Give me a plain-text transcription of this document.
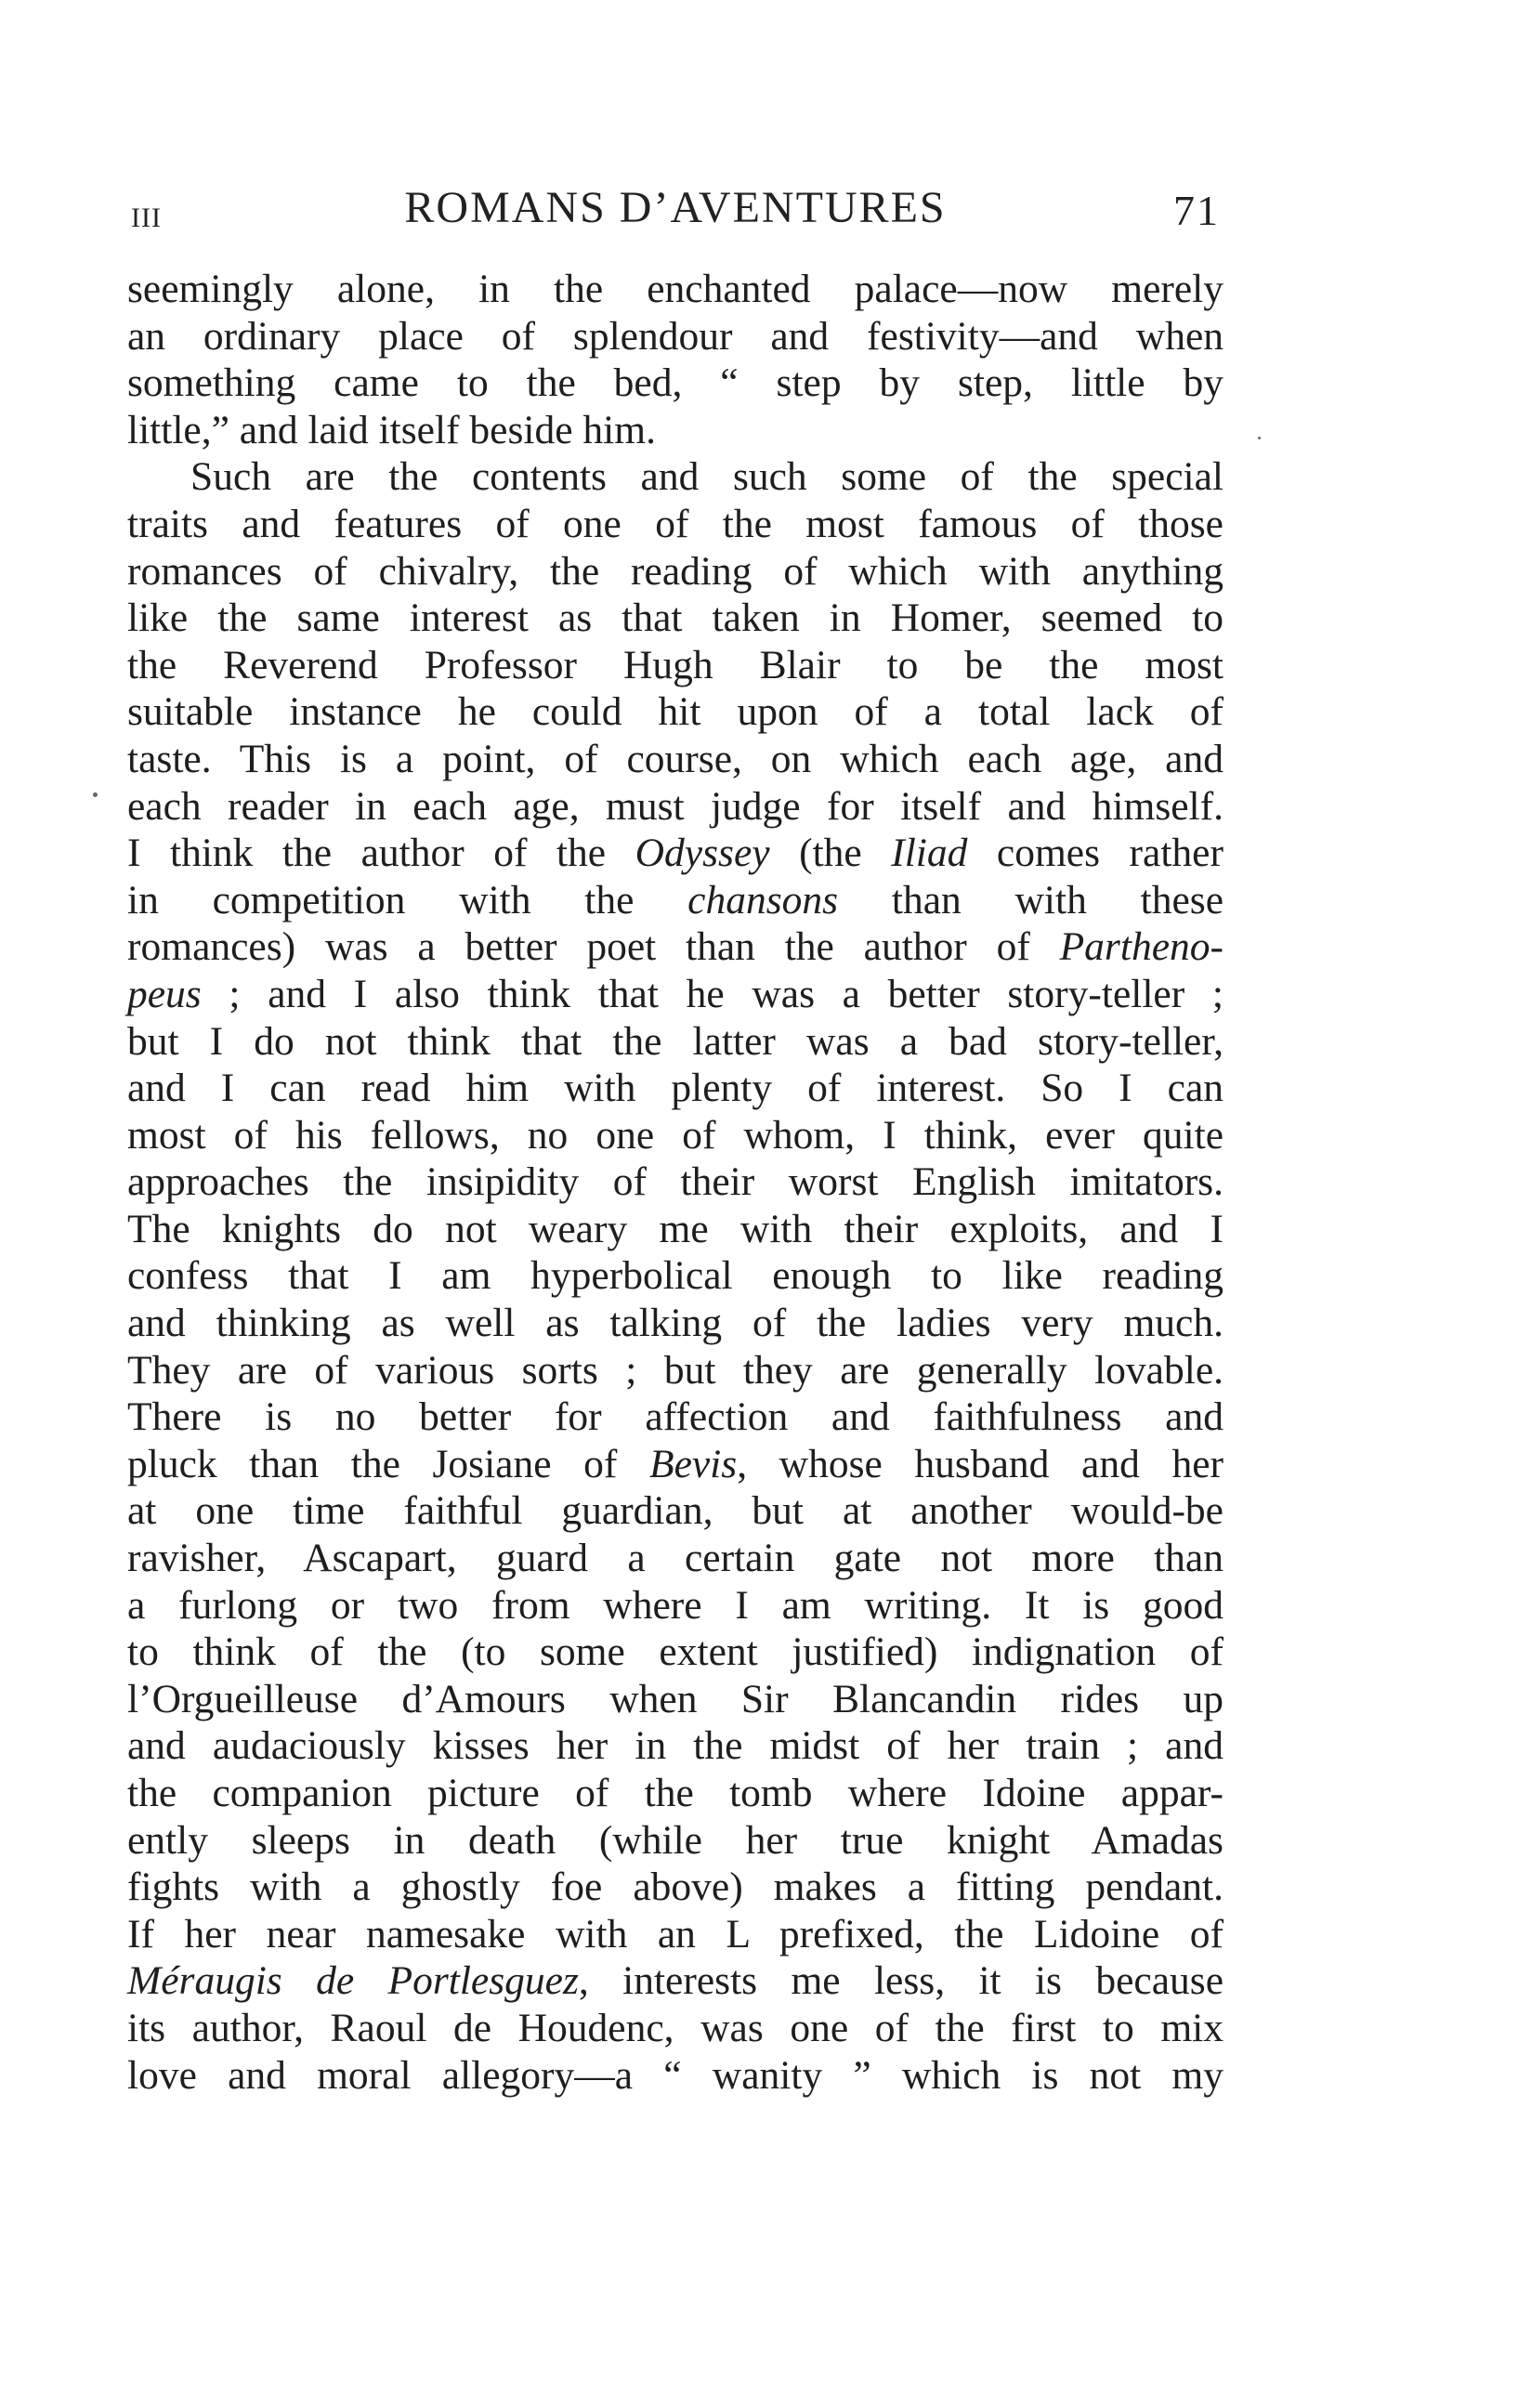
III	ROMANS D’AVENTURES	71
seemingly alone, in the enchanted palace—now merely
an ordinary place of splendour and festivity—and when
something came to the bed, “ step by step, little by
little,” and laid itself beside him.
Such are the contents and such some of the special
traits and features of one of the most famous of those
romances of chivalry, the reading of which with anything
like the same interest as that taken in Homer, seemed to
the Reverend Professor Hugh Blair to be the most
suitable instance he could hit upon of a total lack of
taste. This is a point, of course, on which each age, and
each reader in each age, must judge for itself and himself.
I think the author of the Odyssey (the Iliad comes rather
in competition with the chansons than with these
romances) was a better poet than the author of Partheno-
peus ; and I also think that he was a better story-teller ;
but I do not think that the latter was a bad story-teller,
and I can read him with plenty of interest. So I can
most of his fellows, no one of whom, I think, ever quite
approaches the insipidity of their worst English imitators.
The knights do not weary me with their exploits, and I
confess that I am hyperbolical enough to like reading
and thinking as well as talking of the ladies very much.
They are of various sorts ; but they are generally lovable.
There is no better for affection and faithfulness and
pluck than the Josiane of Bevis, whose husband and her
at one time faithful guardian, but at another would-be
ravisher, Ascapart, guard a certain gate not more than
a furlong or two from where I am writing. It is good
to think of the (to some extent justified) indignation of
l’Orgueilleuse d’Amours when Sir Blancandin rides up
and audaciously kisses her in the midst of her train ; and
the companion picture of the tomb where Idoine appar-
ently sleeps in death (while her true knight Amadas
fights with a ghostly foe above) makes a fitting pendant.
If her near namesake with an L prefixed, the Lidoine of
Méraugis de Portlesguez, interests me less, it is because
its author, Raoul de Houdenc, was one of the first to mix
love and moral allegory—a “ wanity ” which is not my
